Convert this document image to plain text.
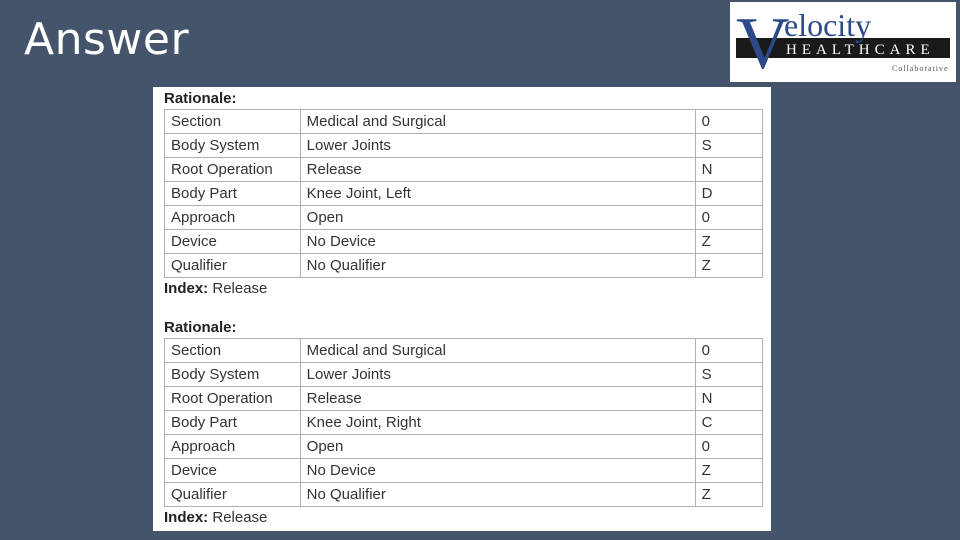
Answer	V
elocity
HEALTHCARE
Collaborative
Rationale:
Section	Medical and Surgical	0
Body System	Lower Joints	S
Root Operation	Release	N
Body Part	Knee Joint, Left	D
Approach	Open	0
Device	No Device	Z
Qualifier	No Qualifier	Z
Index: Release
Rationale:
Section	Medical and Surgical	0
Body System	Lower Joints	S
Root Operation	Release	N
Body Part	Knee Joint, Right	C
Approach	Open	0
Device	No Device	Z
Qualifier	No Qualifier	Z
Index: Release
